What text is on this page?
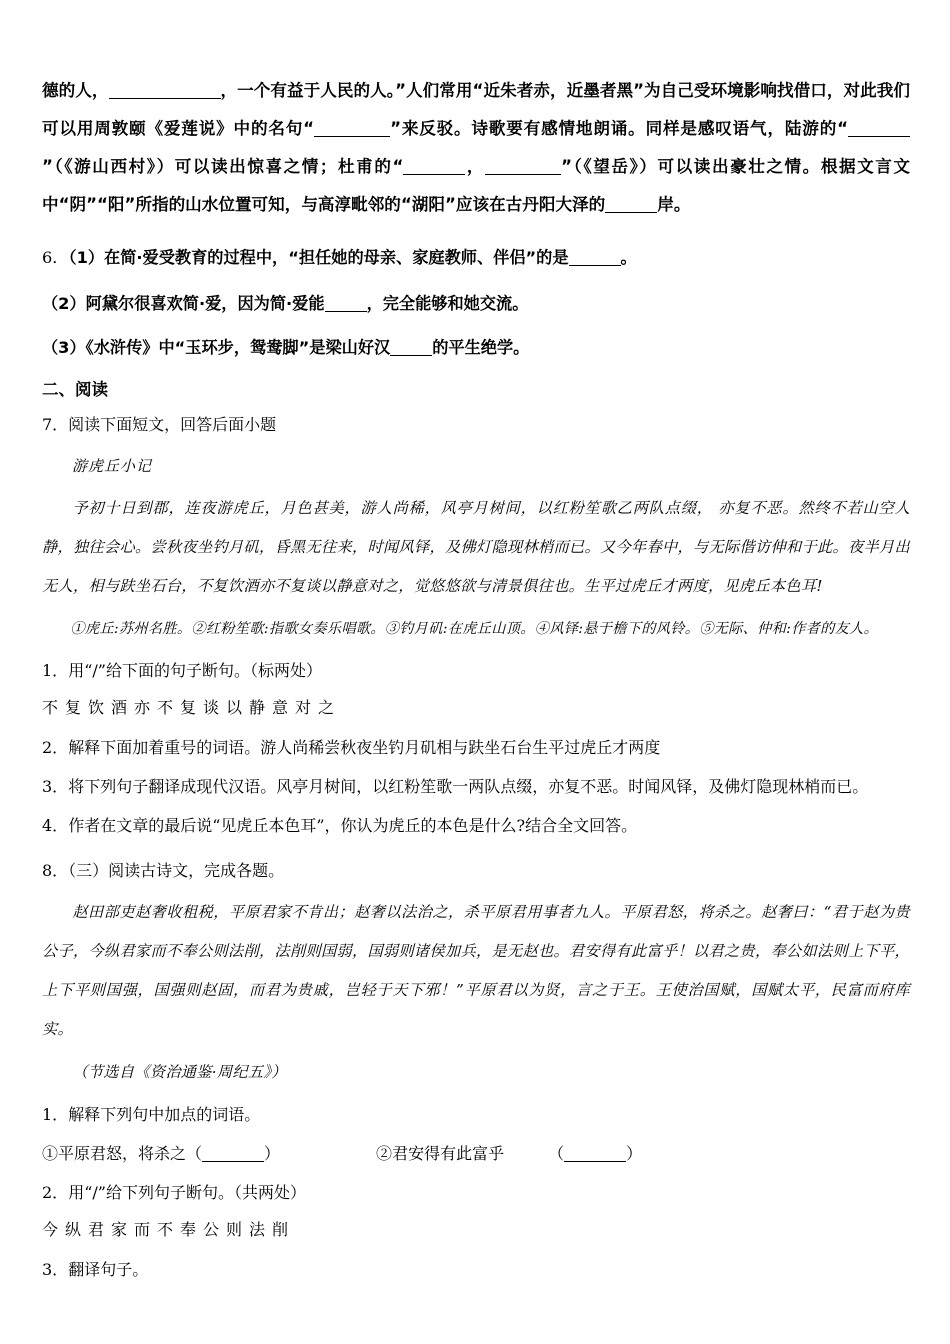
德的人，	，一个有益于人民的人。”人们常用“近朱者赤，近墨者黑”为自己受环境影响找借口，对此我们可以用周敦颐《爱莲说》中的名句“	”来反驳。诗歌要有感情地朗诵。同样是感叹语气，陆游的“”（《游山西村》）可以读出惊喜之情；杜甫的“	，	”（《望岳》）可以读出豪壮之情。根据文言文中“阴”“阳”所指的山水位置可知，与高淳毗邻的“湖阳”应该在古丹阳大泽的	岸。
6．（1）在简·爱受教育的过程中，“担任她的母亲、家庭教师、伴侣”的是	。
（2）阿黛尔很喜欢简·爱，因为简·爱能	，完全能够和她交流。
（3）《水浒传》中“玉环步，鸳鸯脚”是梁山好汉	的平生绝学。
二、阅读
7．阅读下面短文，回答后面小题
游虎丘小记
予初十日到郡，连夜游虎丘，月色甚美，游人尚稀，风亭月树间，以红粉笙歌乙两队点缀， 亦复不恶。然终不若山空人静，独往会心。尝秋夜坐钓月矶，昏黑无往来，时闻风铎，及佛灯隐现林梢而已。又今年春中，与无际偕访伸和于此。夜半月出无人，相与趺坐石台，不复饮酒亦不复谈以静意对之，觉悠悠欲与清景俱往也。生平过虎丘才两度，见虎丘本色耳!
①虎丘:苏州名胜。②红粉笙歌:指歌女奏乐唱歌。③钓月矶:在虎丘山顶。④风铎:悬于檐下的风铃。⑤无际、仲和:作者的友人。
1．用“/”给下面的句子断句。（标两处）
不复饮酒亦不复谈以静意对之
2．解释下面加着重号的词语。游人尚稀尝秋夜坐钓月矶相与趺坐石台生平过虎丘才两度
3．将下列句子翻译成现代汉语。风亭月树间，以红粉笙歌一两队点缀，亦复不恶。时闻风铎，及佛灯隐现林梢而已。
4．作者在文章的最后说“见虎丘本色耳”，你认为虎丘的本色是什么?结合全文回答。
8．（三）阅读古诗文，完成各题。
赵田部吏赵奢收租税，平原君家不肯出；赵奢以法治之，杀平原君用事者九人。平原君怒，将杀之。赵奢曰：“君于赵为贵公子，今纵君家而不奉公则法削，法削则国弱，国弱则诸侯加兵，是无赵也。君安得有此富乎！以君之贵，奉公如法则上下平，上下平则国强，国强则赵固，而君为贵戚，岂轻于天下邪！”平原君以为贤，言之于王。王使治国赋，国赋太平，民富而府库实。
（节选自《资治通鉴·周纪五》）
1．解释下列句中加点的词语。
①平原君怒，将杀之（	）	②君安得有此富乎	（	）
2．用“/”给下列句子断句。（共两处）
今纵君家而不奉公则法削
3．翻译句子。
